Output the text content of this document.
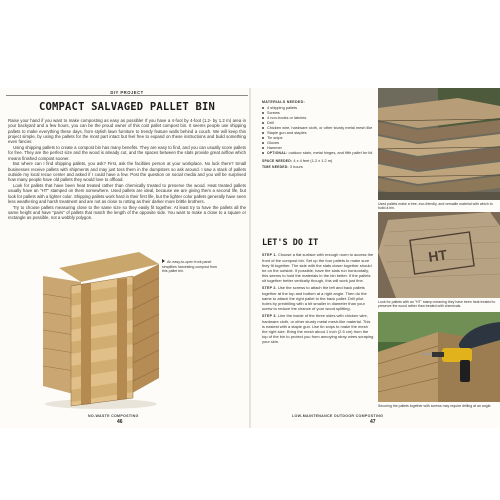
DIY PROJECT
COMPACT SALVAGED PALLET BIN

Raise your hand if you want to make composting as easy as possible! If you have a 4-foot by 4-foot (1.2- by 1.2 m) area in your backyard and a few hours, you can be the proud owner of this cost pallet compost bin. It seems people use shipping pallets to make everything these days, from stylish lawn furniture to trendy feature walls behind a couch. We will keep this project simple, by using the pallets for the most part intact but feel free to expand on these instructions and build something even fancier.

Using shipping pallets to create a compost bin has many benefits. They are easy to find, and you can usually score pallets for free. They are the perfect size and the wood is already cut, and the spaces between the slats provide great airflow which means finished compost sooner.

But where can I find shipping pallets, you ask? First, ask the facilities person at your workplace. No luck there? Small businesses receive pallets with shipments and may just toss them in the dumpsters so ask around. I saw a stack of pallets outside my local recue center and asked if I could have a few. Post the question on social media and you will be surprised how many people have old pallets they would love to offload.

Look for pallets that have been heat treated rather than chemically treated to preserve the wood. Heat treated pallets usually have an "HT" stamped on them somewhere. Used pallets are ideal, because we are giving them a second life, but look for pallets with a lighter color. Shipping pallets work hard in their first life, but the lighter color pallets generally have seen less weathering and harsh treatment and are not as close to rotting as their darker more brittle brothers.

Try to choose pallets measuring close to the same size so they easily fit together. At least try to have the pallets all the same height and have "pairs" of pallets that match the length of the opposite side. You want to make a close to a square or rectangle as possible, not a wobbly polygon.

An easy-to-open front panel simplifies harvesting compost from this pallet bin.
NO-WASTE COMPOSTING
46
MATERIALS NEEDED:
4 shipping pallets
Screws
4 non-hooks or latches
Drill
Chicken wire, hardware cloth, or other sturdy metal mesh like
Staple gun and staples
Tin snips
Gloves
Hammer
OPTIONAL: outdoor stain, metal hinges, and fifth pallet for lid
SPACE NEEDED: 4 x 4 feet (1.2 x 1.2 m)
TIME NEEDED: 3 hours
LET'S DO IT

STEP 1. Choose a flat surface with enough room to access the front of the compost bin. Set up the four pallets to make sure they fit together. The side with the slats closer together should be on the outside. If possible, have the slats run horizontally, this seems to hold the materials in the bin better. If the pallets sit together better vertically though, this will work just fine.

STEP 2. Use the screws to attach the left and back pallets together at the top and bottom at a right angle. Then do the same to attach the right pallet to the back pallet. Drill pilot holes by predrilling with a bit smaller in diameter than your screw to reduce the chance of your wood splitting.

STEP 3. Line the inside of the three sides with chicken wire, hardware cloth, or other sturdy metal mesh-like material. This is easiest with a staple gun. Use tin snips to make the mesh the right size. Bring the mesh about 1 inch (2.5 cm) from the top of the bin to protect you from annoying stray wires scraping your skin.

Used pallets make a free, eco-friendly, and versatile material with which to build a bin.
HT
Look for pallets with an "HT" stamp meaning they have been heat treated to preserve the wood rather than treated with chemicals.
Securing the pallets together with screws may require drilling at an angle.
LOW-MAINTENANCE OUTDOOR COMPOSTING
47
